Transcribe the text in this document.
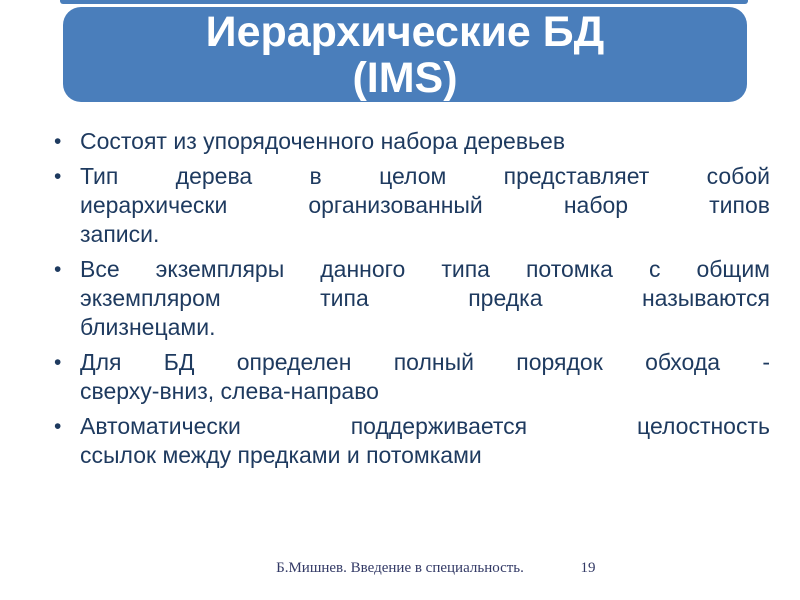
Иерархические БД
(IMS)
• Состоят из упорядоченного набора деревьев
• Тип дерева в целом представляет собой
иерархически организованный набор типов
записи.
• Все экземпляры данного типа потомка с общим
экземпляром типа предка называются
близнецами.
• Для БД определен полный порядок обхода -
сверху-вниз, слева-направо
• Автоматически поддерживается целостность
ссылок между предками и потомками
Б.Мишнев. Введение в специальность.	19
